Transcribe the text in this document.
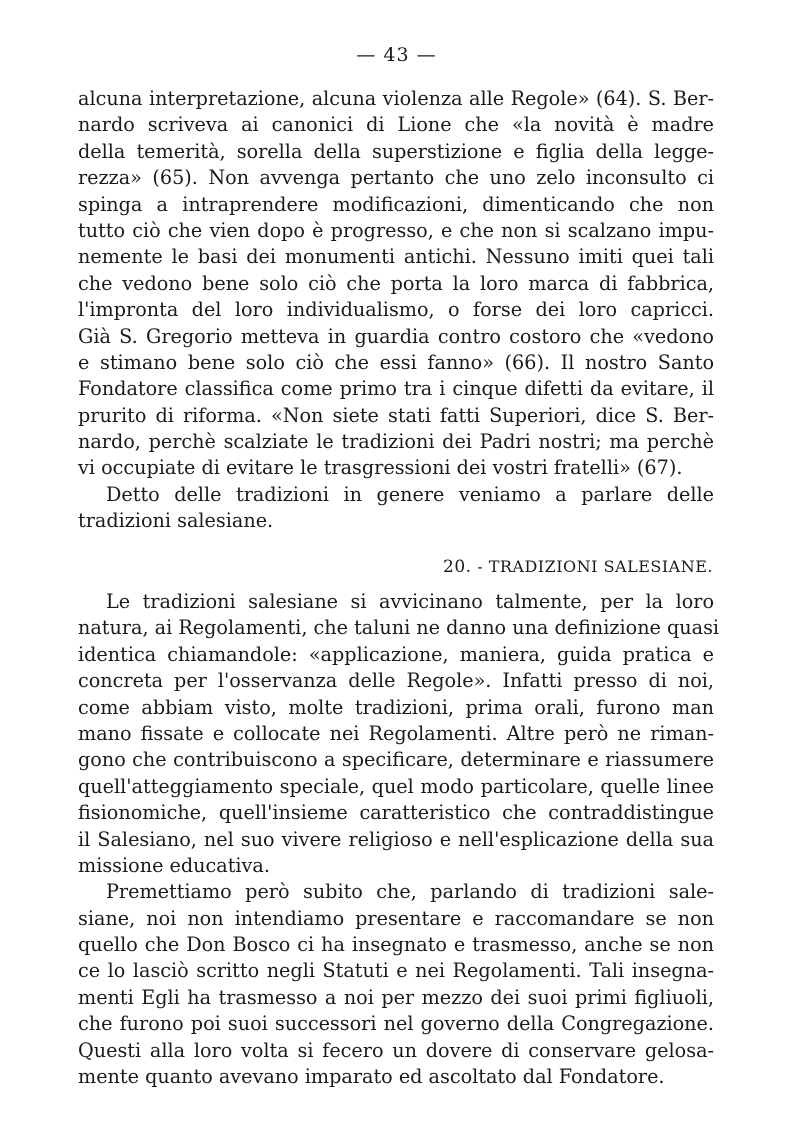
— 43 —
alcuna interpretazione, alcuna violenza alle Regole» (64). S. Ber-
nardo scriveva ai canonici di Lione che «la novità è madre
della temerità, sorella della superstizione e figlia della legge-
rezza» (65). Non avvenga pertanto che uno zelo inconsulto ci
spinga a intraprendere modificazioni, dimenticando che non
tutto ciò che vien dopo è progresso, e che non si scalzano impu-
nemente le basi dei monumenti antichi. Nessuno imiti quei tali
che vedono bene solo ciò che porta la loro marca di fabbrica,
l'impronta del loro individualismo, o forse dei loro capricci.
Già S. Gregorio metteva in guardia contro costoro che «vedono
e stimano bene solo ciò che essi fanno» (66). Il nostro Santo
Fondatore classifica come primo tra i cinque difetti da evitare, il
prurito di riforma. «Non siete stati fatti Superiori, dice S. Ber-
nardo, perchè scalziate le tradizioni dei Padri nostri; ma perchè
vi occupiate di evitare le trasgressioni dei vostri fratelli» (67).
Detto delle tradizioni in genere veniamo a parlare delle
tradizioni salesiane.
20. - TRADIZIONI SALESIANE.
Le tradizioni salesiane si avvicinano talmente, per la loro
natura, ai Regolamenti, che taluni ne danno una definizione quasi
identica chiamandole: «applicazione, maniera, guida pratica e
concreta per l'osservanza delle Regole». Infatti presso di noi,
come abbiam visto, molte tradizioni, prima orali, furono man
mano fissate e collocate nei Regolamenti. Altre però ne riman-
gono che contribuiscono a specificare, determinare e riassumere
quell'atteggiamento speciale, quel modo particolare, quelle linee
fisionomiche, quell'insieme caratteristico che contraddistingue
il Salesiano, nel suo vivere religioso e nell'esplicazione della sua
missione educativa.
Premettiamo però subito che, parlando di tradizioni sale-
siane, noi non intendiamo presentare e raccomandare se non
quello che Don Bosco ci ha insegnato e trasmesso, anche se non
ce lo lasciò scritto negli Statuti e nei Regolamenti. Tali insegna-
menti Egli ha trasmesso a noi per mezzo dei suoi primi figliuoli,
che furono poi suoi successori nel governo della Congregazione.
Questi alla loro volta si fecero un dovere di conservare gelosa-
mente quanto avevano imparato ed ascoltato dal Fondatore.
